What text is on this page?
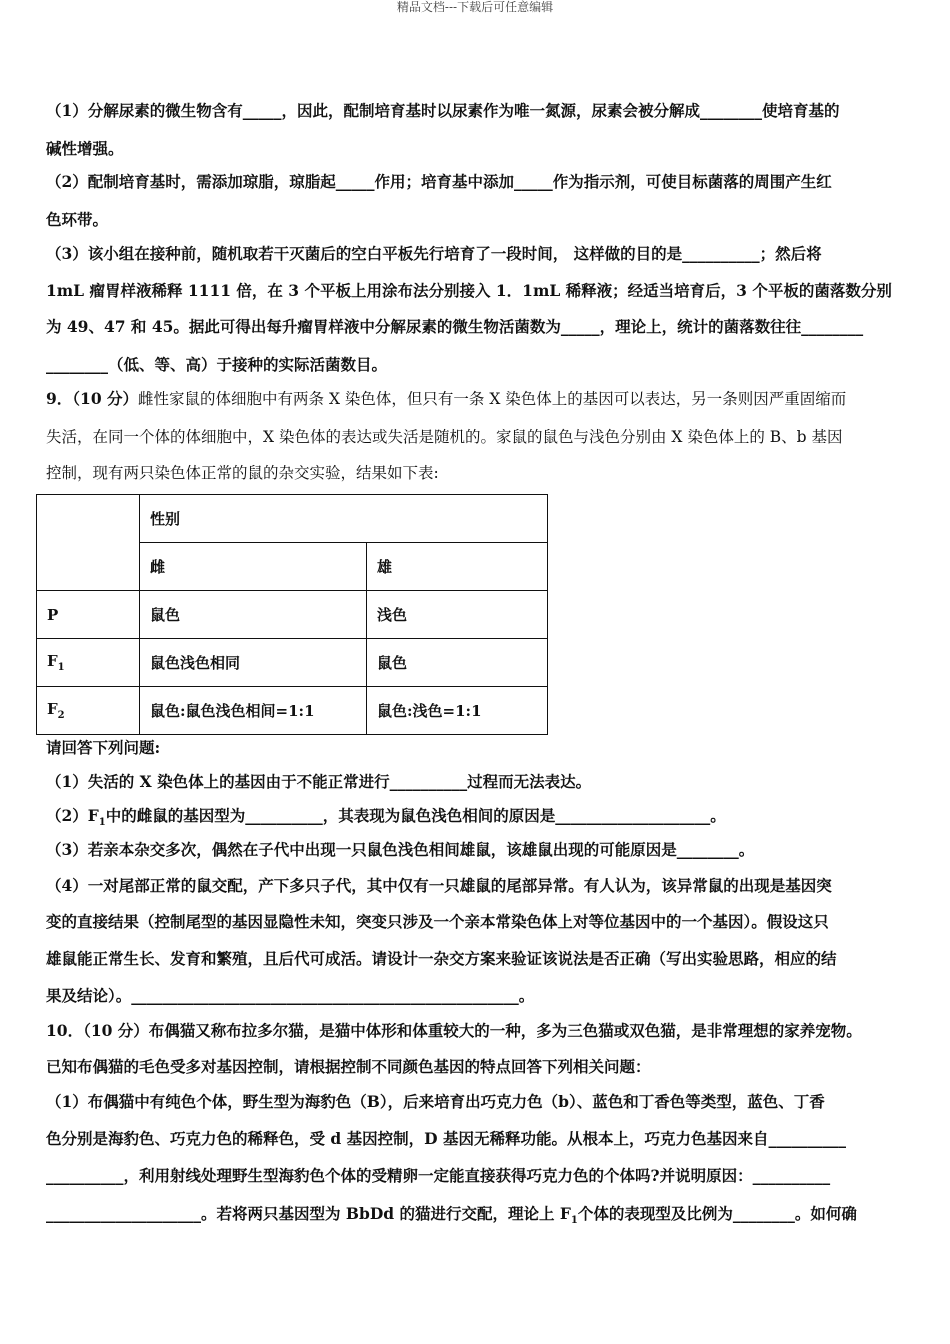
精品文档---下载后可任意编辑
（1）分解尿素的微生物含有_____，因此，配制培育基时以尿素作为唯一氮源，尿素会被分解成________使培育基的
碱性增强。
（2）配制培育基时，需添加琼脂，琼脂起_____作用；培育基中添加_____作为指示剂，可使目标菌落的周围产生红
色环带。
（3）该小组在接种前，随机取若干灭菌后的空白平板先行培育了一段时间， 这样做的目的是__________；然后将
1mL 瘤胃样液稀释 1111 倍，在 3 个平板上用涂布法分别接入 1．1mL 稀释液；经适当培育后，3 个平板的菌落数分别
为 49、47 和 45。据此可得出每升瘤胃样液中分解尿素的微生物活菌数为_____，理论上，统计的菌落数往往________
________（低、等、高）于接种的实际活菌数目。
9．（10 分）雌性家鼠的体细胞中有两条 X 染色体，但只有一条 X 染色体上的基因可以表达，另一条则因严重固缩而
失活，在同一个体的体细胞中，X 染色体的表达或失活是随机的。家鼠的鼠色与浅色分别由 X 染色体上的 B、b 基因
控制，现有两只染色体正常的鼠的杂交实验，结果如下表:
	性别	
	雌	雄
P	鼠色	浅色
$F_1$	鼠色浅色相同	鼠色
$F_2$	鼠色:鼠色浅色相间=1:1	鼠色:浅色=1:1
请回答下列问题:
（1）失活的 X 染色体上的基因由于不能正常进行__________过程而无法表达。
$(2)F_1$中的雌鼠的基因型为__________，其表现为鼠色浅色相间的原因是____________________。
（3）若亲本杂交多次，偶然在子代中出现一只鼠色浅色相间雄鼠，该雄鼠出现的可能原因是________。
（4）一对尾部正常的鼠交配，产下多只子代，其中仅有一只雄鼠的尾部异常。有人认为，该异常鼠的出现是基因突
变的直接结果（控制尾型的基因显隐性未知，突变只涉及一个亲本常染色体上对等位基因中的一个基因）。假设这只
雄鼠能正常生长、发育和繁殖，且后代可成活。请设计一杂交方案来验证该说法是否正确（写出实验思路，相应的结
果及结论）。__________________________________________________。
10．（10 分）布偶猫又称布拉多尔猫，是猫中体形和体重较大的一种，多为三色猫或双色猫，是非常理想的家养宠物。
已知布偶猫的毛色受多对基因控制，请根据控制不同颜色基因的特点回答下列相关问题：
（1）布偶猫中有纯色个体，野生型为海豹色（B），后来培育出巧克力色（b）、蓝色和丁香色等类型，蓝色、丁香
色分别是海豹色、巧克力色的稀释色，受 d 基因控制，D 基因无稀释功能。从根本上，巧克力色基因来自__________
__________，利用射线处理野生型海豹色个体的受精卵一定能直接获得巧克力色的个体吗?并说明原因：__________
____________________。若将两只基因型为 BbDd 的猫进行交配，理论上 $F_1$个体的表现型及比例为________。如何确
